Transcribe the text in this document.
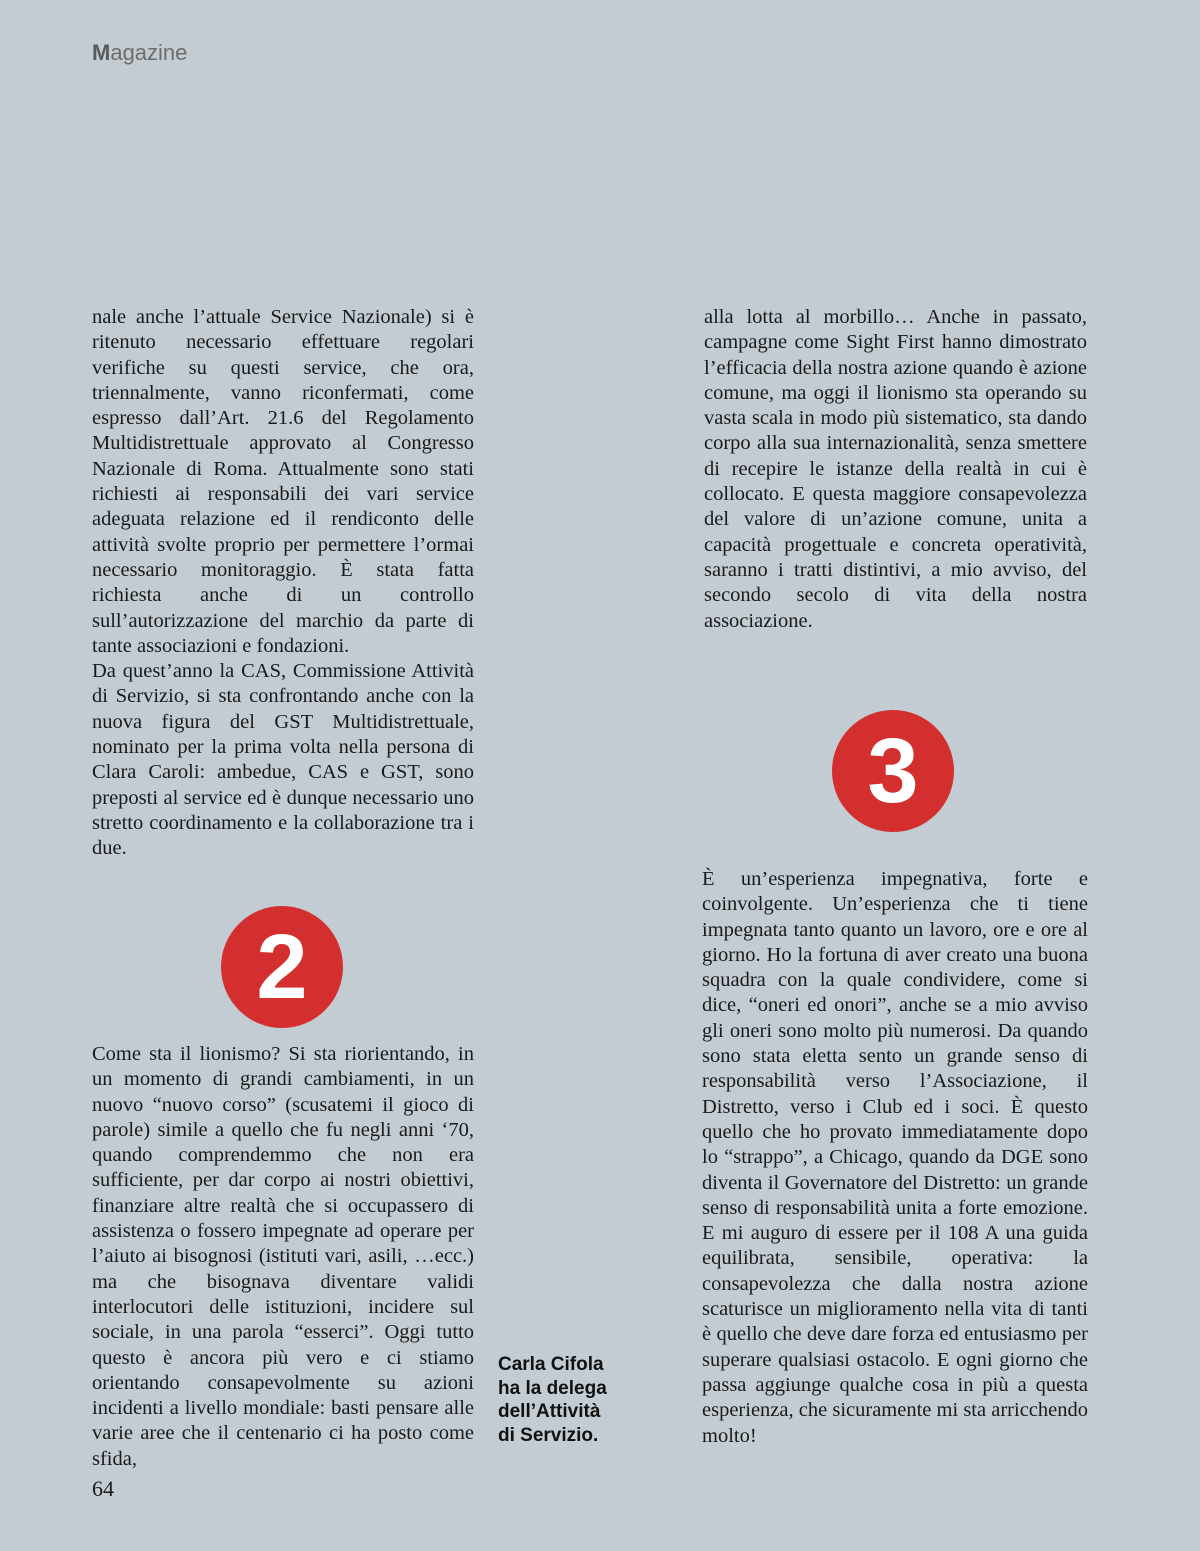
Magazine

nale anche l’attuale Service Nazionale) si è ritenuto necessario effettuare regolari verifiche su questi service, che ora, triennalmente, vanno riconfermati, come espresso dall’Art. 21.6 del Regolamento Multidistrettuale approvato al Congresso Nazionale di Roma. Attualmente sono stati richiesti ai responsabili dei vari service adeguata relazione ed il rendiconto delle attività svolte proprio per permettere l’ormai necessario monitoraggio. È stata fatta richiesta anche di un controllo sull’autorizzazione del marchio da parte di tante associazioni e fondazioni.

Da quest’anno la CAS, Commissione Attività di Servizio, si sta confrontando anche con la nuova figura del GST Multidistrettuale, nominato per la prima volta nella persona di Clara Caroli: ambedue, CAS e GST, sono preposti al service ed è dunque necessario uno stretto coordinamento e la collaborazione tra i due.

2

Come sta il lionismo? Si sta riorientando, in un momento di grandi cambiamenti, in un nuovo “nuovo corso” (scusatemi il gioco di parole) simile a quello che fu negli anni ‘70, quando comprendemmo che non era sufficiente, per dar corpo ai nostri obiettivi, finanziare altre realtà che si occupassero di assistenza o fossero impegnate ad operare per l’aiuto ai bisognosi (istituti vari, asili, …ecc.) ma che bisognava diventare validi interlocutori delle istituzioni, incidere sul sociale, in una parola “esserci”. Oggi tutto questo è ancora più vero e ci stiamo orientando consapevolmente su azioni incidenti a livello mondiale: basti pensare alle varie aree che il centenario ci ha posto come sfida,

Carla Cifola
ha la delega
dell’Attività
di Servizio.

alla lotta al morbillo… Anche in passato, campagne come Sight First hanno dimostrato l’efficacia della nostra azione quando è azione comune, ma oggi il lionismo sta operando su vasta scala in modo più sistematico, sta dando corpo alla sua internazionalità, senza smettere di recepire le istanze della realtà in cui è collocato. E questa maggiore consapevolezza del valore di un’azione comune, unita a capacità progettuale e concreta operatività, saranno i tratti distintivi, a mio avviso, del secondo secolo di vita della nostra associazione.

3

È un’esperienza impegnativa, forte e coinvolgente. Un’esperienza che ti tiene impegnata tanto quanto un lavoro, ore e ore al giorno. Ho la fortuna di aver creato una buona squadra con la quale condividere, come si dice, “oneri ed onori”, anche se a mio avviso gli oneri sono molto più numerosi. Da quando sono stata eletta sento un grande senso di responsabilità verso l’Associazione, il Distretto, verso i Club ed i soci. È questo quello che ho provato immediatamente dopo lo “strappo”, a Chicago, quando da DGE sono diventa il Governatore del Distretto: un grande senso di responsabilità unita a forte emozione. E mi auguro di essere per il 108 A una guida equilibrata, sensibile, operativa: la consapevolezza che dalla nostra azione scaturisce un miglioramento nella vita di tanti è quello che deve dare forza ed entusiasmo per superare qualsiasi ostacolo. E ogni giorno che passa aggiunge qualche cosa in più a questa esperienza, che sicuramente mi sta arricchendo molto!

64
